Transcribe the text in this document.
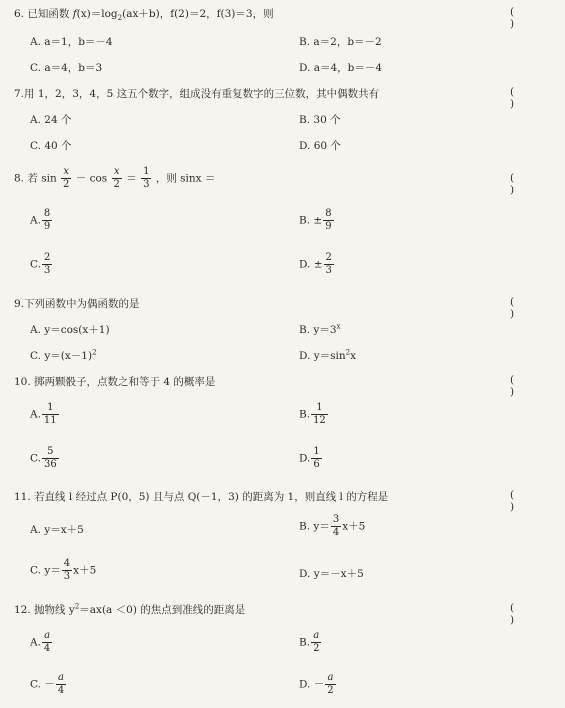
6. 已知函数 $f(x)=\log_2(ax+b)$，f(2)＝2，f(3)＝3，则	( )
A. a＝1，b＝－4	B. a＝2，b＝－2
C. a＝4，b＝3	D. a＝4，b＝－4
7.用 1，2，3，4，5 这五个数字，组成没有重复数字的三位数，其中偶数共有	( )
A. 24 个	B. 30 个
C. 40 个	D. 60 个
8. 若 $\sin \frac{x}{2} - \cos \frac{x}{2} = \frac{1}{3}$ ，则 sinx ＝	( )
A. $\frac{8}{9}$	B. ± $\frac{8}{9}$
C. $\frac{2}{3}$	D. ± $\frac{2}{3}$
9.下列函数中为偶函数的是	( )
A. y＝cos(x＋1)	B. $y=3^x$
C. $y=(x-1)^2$	D. $y=\sin^2x$
10. 掷两颗骰子，点数之和等于 4 的概率是	( )
A. $\frac{1}{11}$	B. $\frac{1}{12}$
C. $\frac{5}{36}$	D. $\frac{1}{6}$
11. 若直线 l 经过点 P(0，5) 且与点 Q(－1，3) 的距离为 1，则直线 l 的方程是	( )
A. y＝x＋5	B. $y= \frac{3}{4} x+5$
C. $y= \frac{4}{3} x+5$	D. y＝－x＋5
12. 抛物线 $y^2=ax(a <0)$ 的焦点到准线的距离是	( )
A. $\frac{a}{4}$	B. $\frac{a}{2}$
C. － $\frac{a}{4}$	D. － $\frac{a}{2}$
